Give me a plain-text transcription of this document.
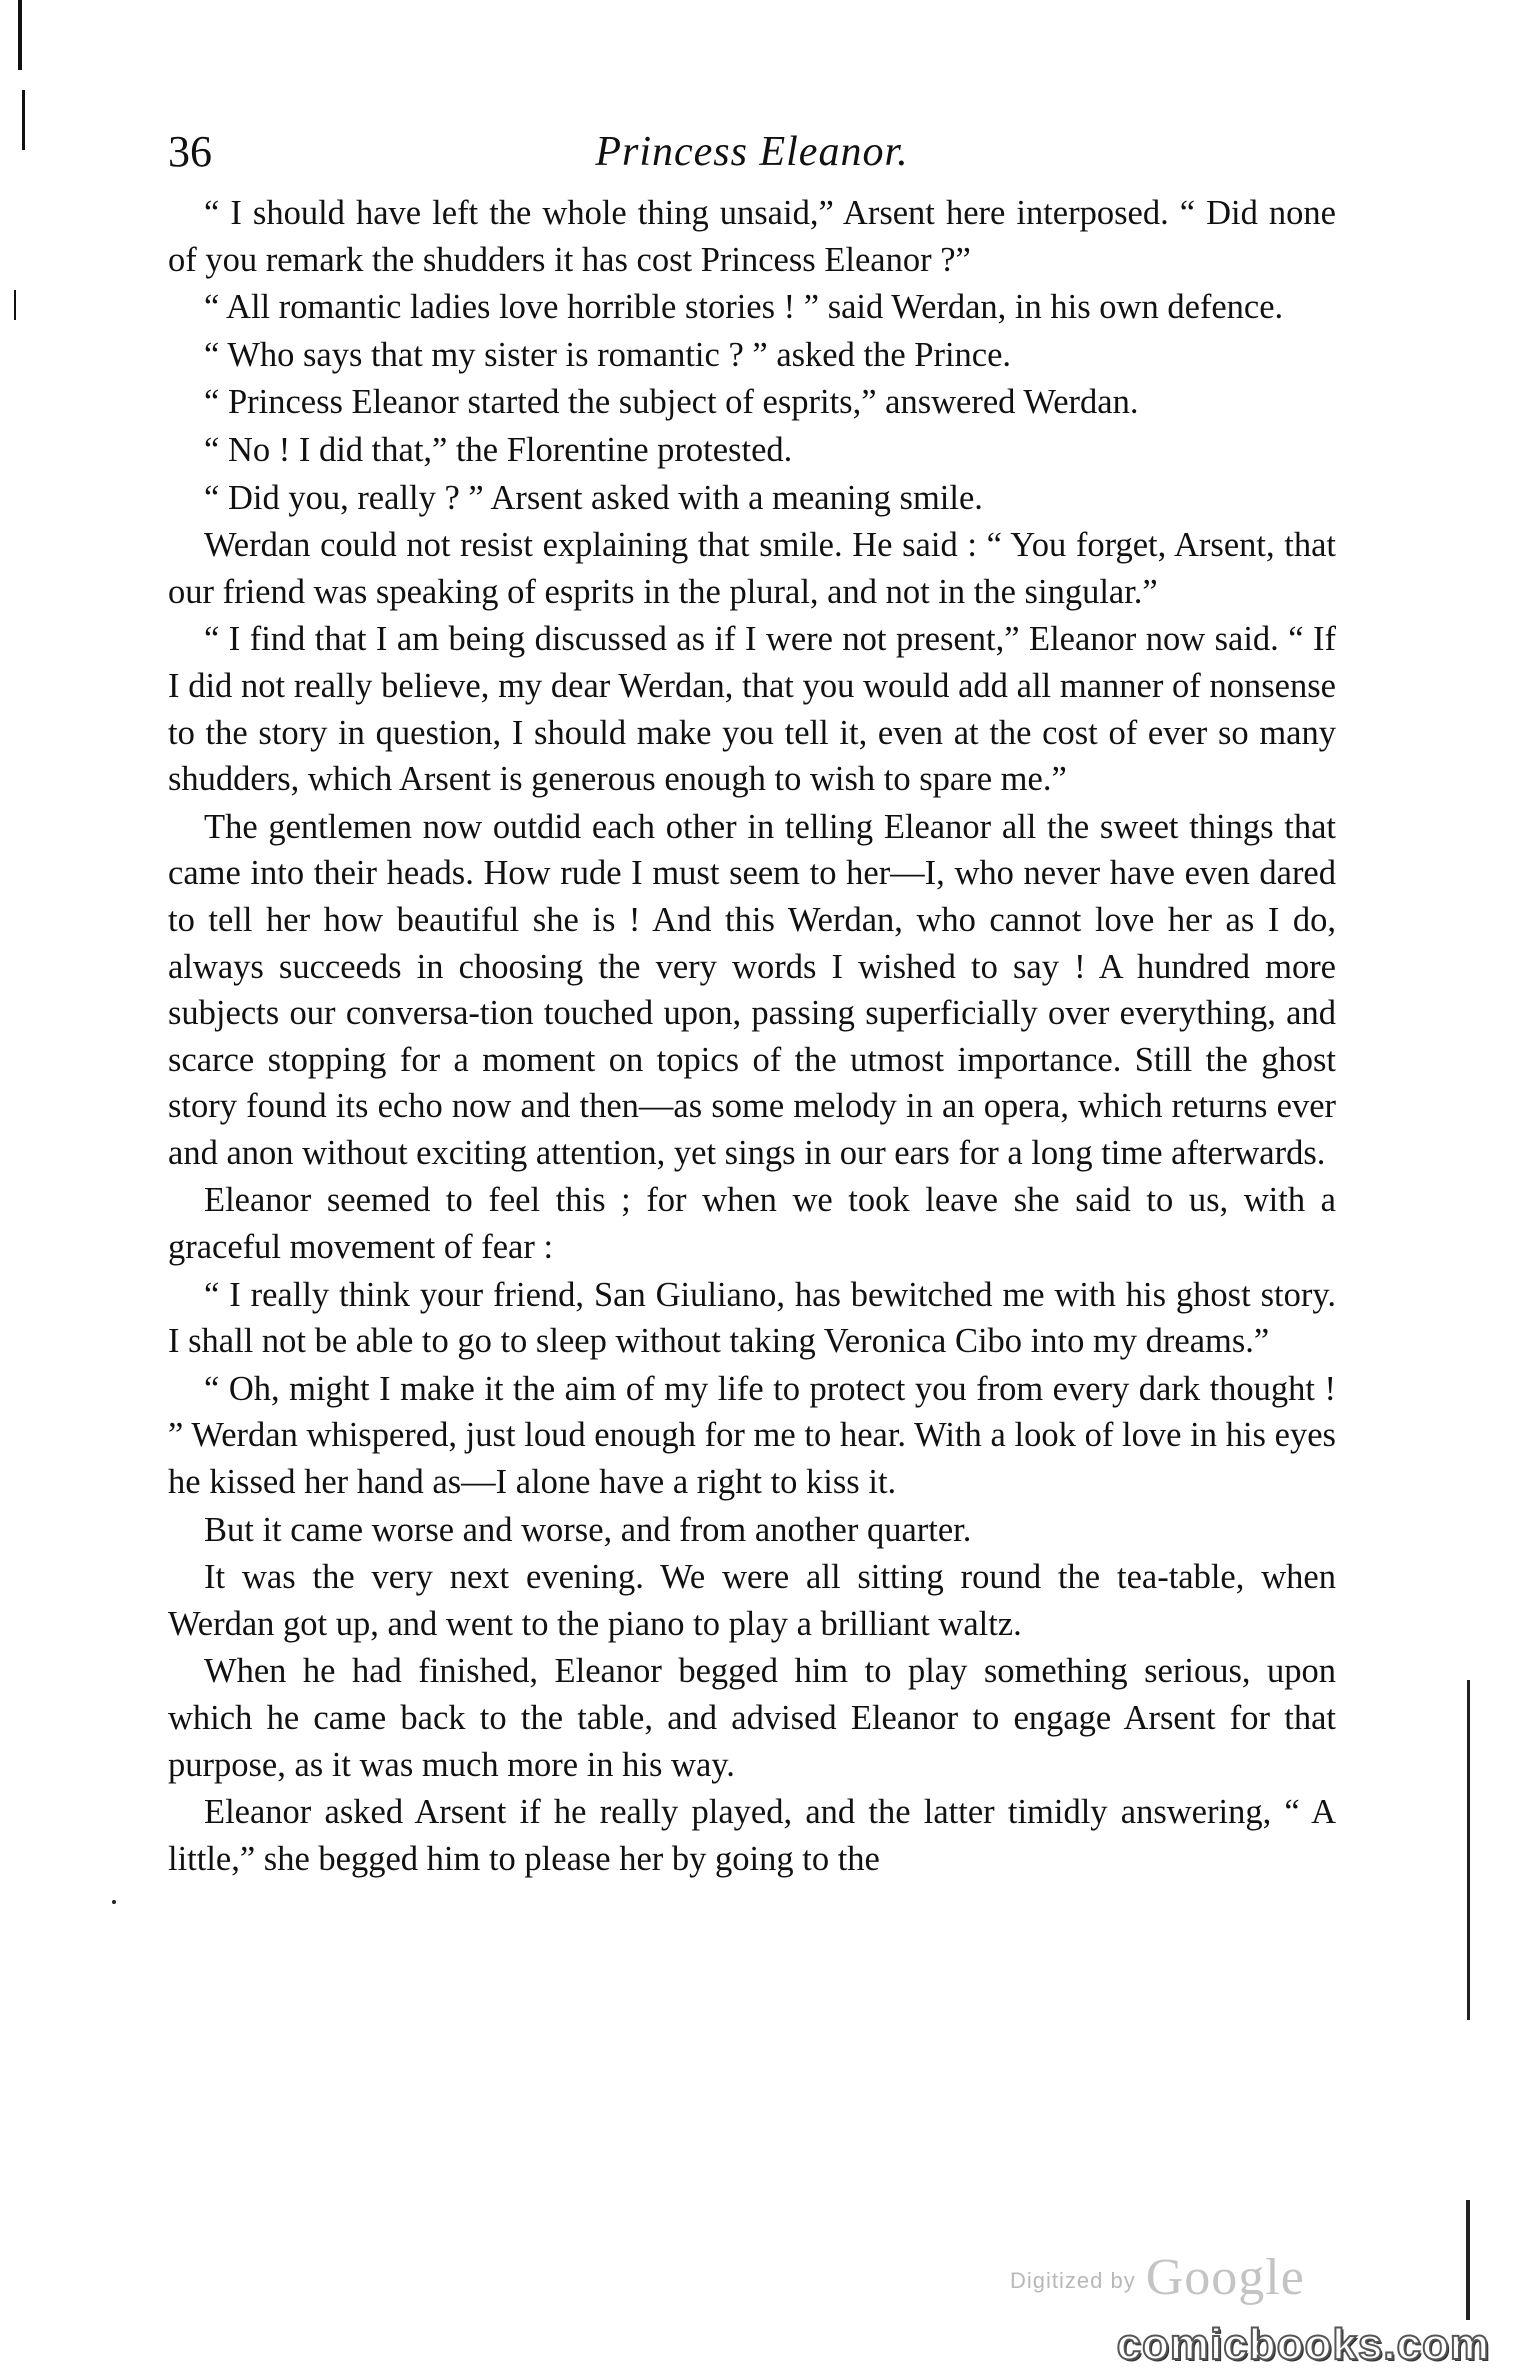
36	Princess Eleanor.

“ I should have left the whole thing unsaid,” Arsent here interposed. “ Did none of you remark the shudders it has cost Princess Eleanor ?”

“ All romantic ladies love horrible stories ! ” said Werdan, in his own defence.

“ Who says that my sister is romantic ? ” asked the Prince.

“ Princess Eleanor started the subject of esprits,” answered Werdan.

“ No ! I did that,” the Florentine protested.

“ Did you, really ? ” Arsent asked with a meaning smile.

Werdan could not resist explaining that smile. He said : “ You forget, Arsent, that our friend was speaking of esprits in the plural, and not in the singular.”

“ I find that I am being discussed as if I were not present,” Eleanor now said. “ If I did not really believe, my dear Werdan, that you would add all manner of nonsense to the story in question, I should make you tell it, even at the cost of ever so many shudders, which Arsent is generous enough to wish to spare me.”

The gentlemen now outdid each other in telling Eleanor all the sweet things that came into their heads. How rude I must seem to her—I, who never have even dared to tell her how beautiful she is ! And this Werdan, who cannot love her as I do, always succeeds in choosing the very words I wished to say ! A hundred more subjects our conversa-tion touched upon, passing superficially over everything, and scarce stopping for a moment on topics of the utmost importance. Still the ghost story found its echo now and then—as some melody in an opera, which returns ever and anon without exciting attention, yet sings in our ears for a long time afterwards.

Eleanor seemed to feel this ; for when we took leave she said to us, with a graceful movement of fear :

“ I really think your friend, San Giuliano, has bewitched me with his ghost story. I shall not be able to go to sleep without taking Veronica Cibo into my dreams.”

“ Oh, might I make it the aim of my life to protect you from every dark thought ! ” Werdan whispered, just loud enough for me to hear. With a look of love in his eyes he kissed her hand as—I alone have a right to kiss it.

But it came worse and worse, and from another quarter.

It was the very next evening. We were all sitting round the tea-table, when Werdan got up, and went to the piano to play a brilliant waltz.

When he had finished, Eleanor begged him to play something serious, upon which he came back to the table, and advised Eleanor to engage Arsent for that purpose, as it was much more in his way.

Eleanor asked Arsent if he really played, and the latter timidly answering, “ A little,” she begged him to please her by going to the

Digitized by Google
comicbooks.com
